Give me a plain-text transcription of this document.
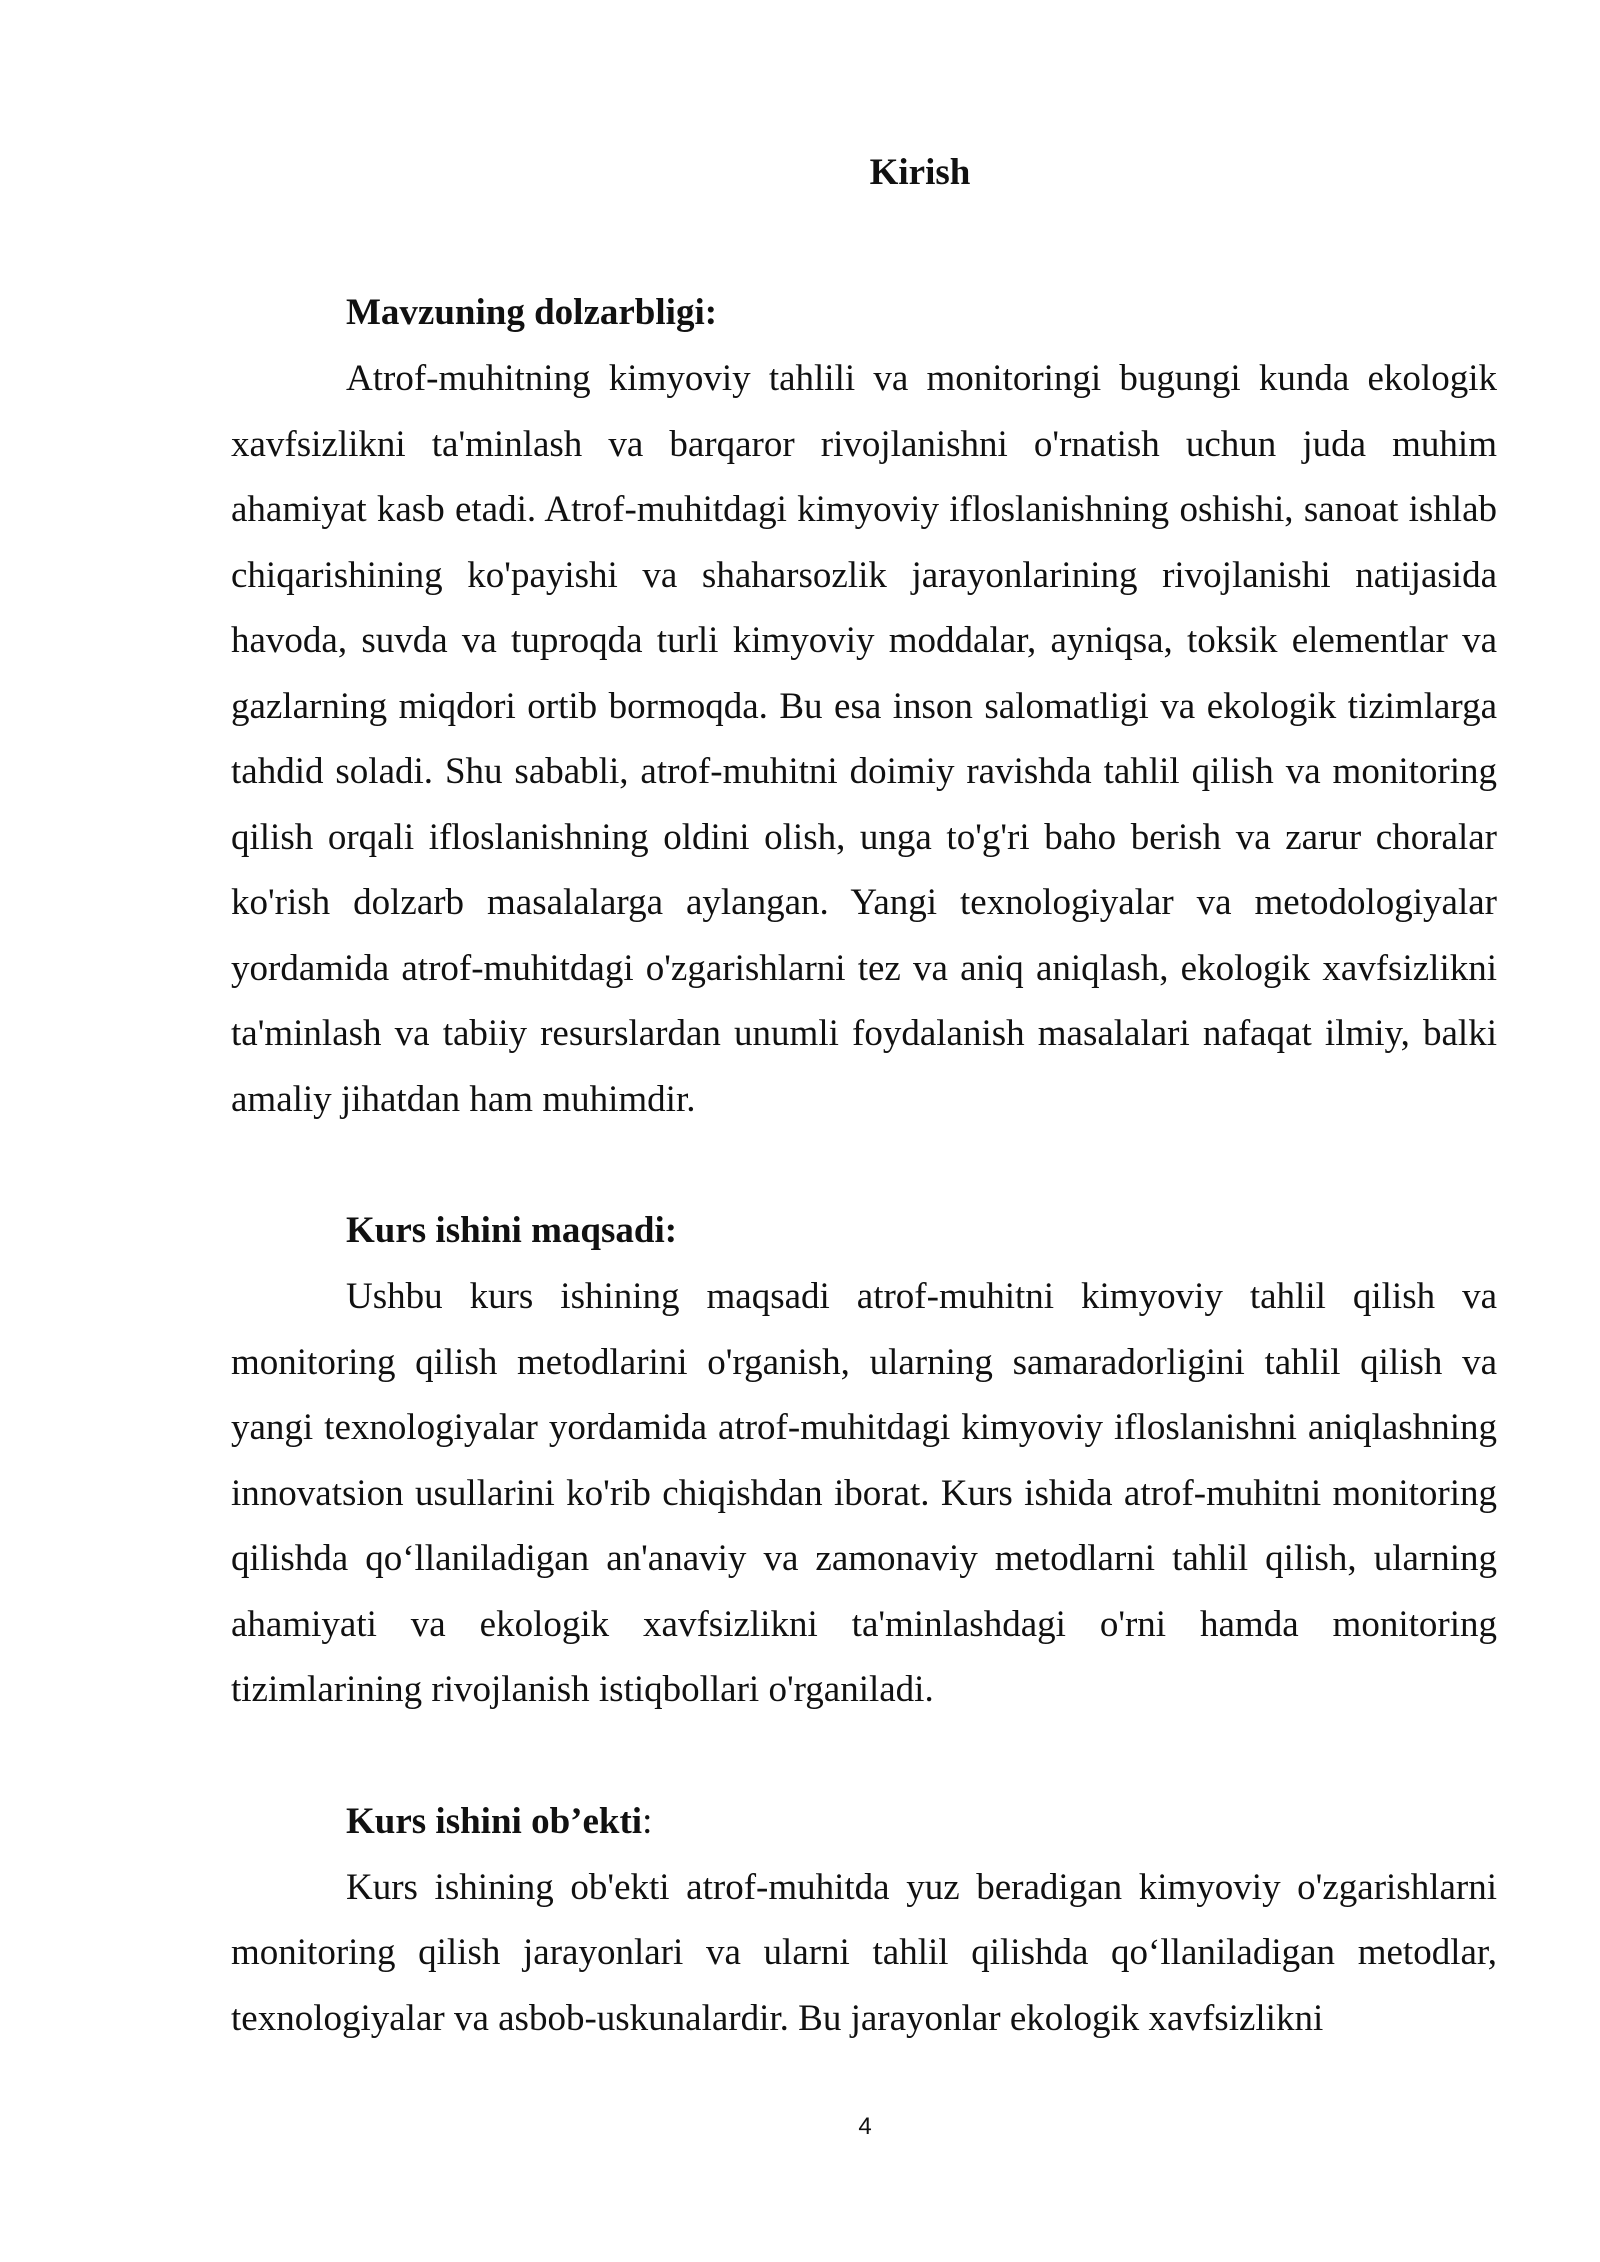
Kirish

Mavzuning dolzarbligi:

Atrof-muhitning kimyoviy tahlili va monitoringi bugungi kunda ekologik xavfsizlikni ta'minlash va barqaror rivojlanishni o'rnatish uchun juda muhim ahamiyat kasb etadi. Atrof-muhitdagi kimyoviy ifloslanishning oshishi, sanoat ishlab chiqarishining ko'payishi va shaharsozlik jarayonlarining rivojlanishi natijasida havoda, suvda va tuproqda turli kimyoviy moddalar, ayniqsa, toksik elementlar va gazlarning miqdori ortib bormoqda. Bu esa inson salomatligi va ekologik tizimlarga tahdid soladi. Shu sababli, atrof-muhitni doimiy ravishda tahlil qilish va monitoring qilish orqali ifloslanishning oldini olish, unga to'g'ri baho berish va zarur choralar ko'rish dolzarb masalalarga aylangan. Yangi texnologiyalar va metodologiyalar yordamida atrof-muhitdagi o'zgarishlarni tez va aniq aniqlash, ekologik xavfsizlikni ta'minlash va tabiiy resurslardan unumli foydalanish masalalari nafaqat ilmiy, balki amaliy jihatdan ham muhimdir.

Kurs ishini maqsadi:

Ushbu kurs ishining maqsadi atrof-muhitni kimyoviy tahlil qilish va monitoring qilish metodlarini o'rganish, ularning samaradorligini tahlil qilish va yangi texnologiyalar yordamida atrof-muhitdagi kimyoviy ifloslanishni aniqlashning innovatsion usullarini ko'rib chiqishdan iborat. Kurs ishida atrof-muhitni monitoring qilishda qo‘llaniladigan an'anaviy va zamonaviy metodlarni tahlil qilish, ularning ahamiyati va ekologik xavfsizlikni ta'minlashdagi o'rni hamda monitoring tizimlarining rivojlanish istiqbollari o'rganiladi.

Kurs ishini ob’ekti:

Kurs ishining ob'ekti atrof-muhitda yuz beradigan kimyoviy o'zgarishlarni monitoring qilish jarayonlari va ularni tahlil qilishda qo‘llaniladigan metodlar, texnologiyalar va asbob-uskunalardir. Bu jarayonlar ekologik xavfsizlikni

4
